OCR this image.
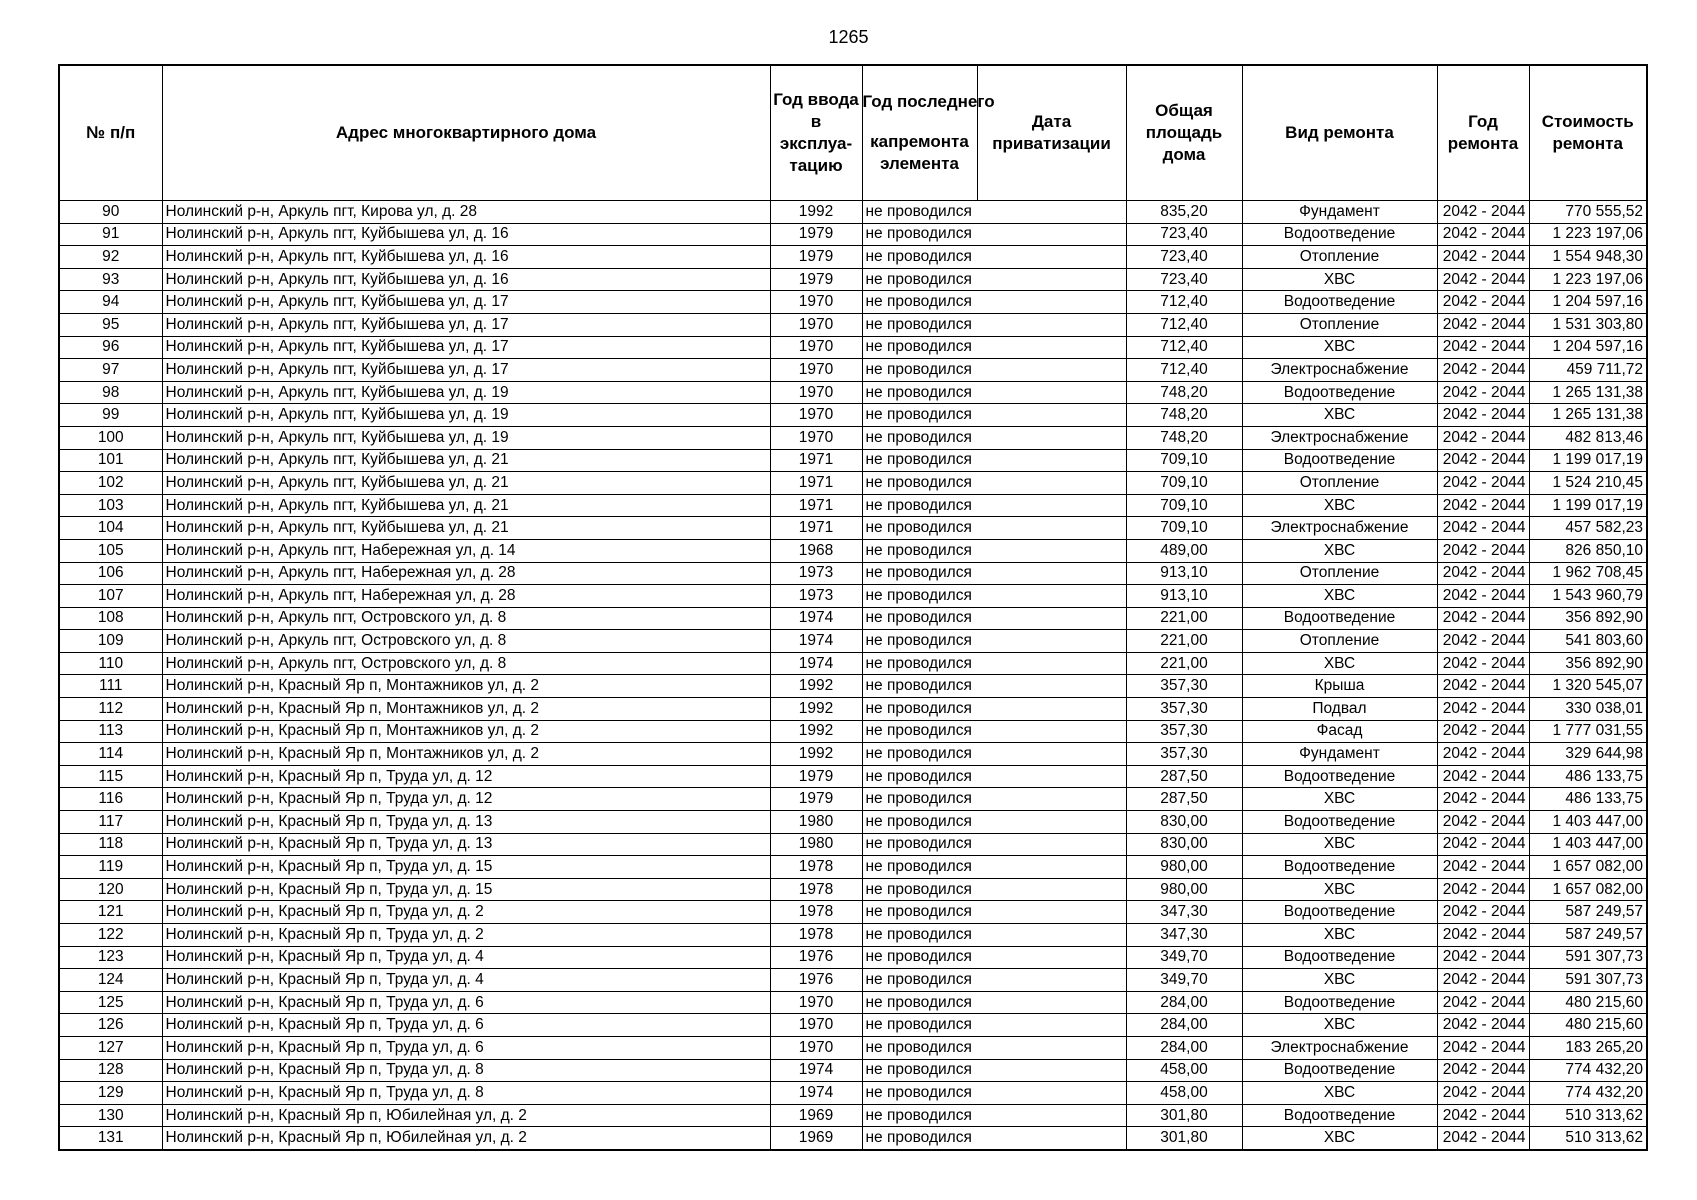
1265
№ п/п	Адрес многоквартирного дома	Год ввода в эксплуа-тацию	Год последнего
капремонта элемента	Дата приватизации	Общая площадь дома	Вид ремонта	Год ремонта	Стоимость ремонта
90	Нолинский р-н, Аркуль пгт, Кирова ул, д. 28	1992	не проводился		835,20	Фундамент	2042 - 2044	770 555,52
91	Нолинский р-н, Аркуль пгт, Куйбышева ул, д. 16	1979	не проводился		723,40	Водоотведение	2042 - 2044	1 223 197,06
92	Нолинский р-н, Аркуль пгт, Куйбышева ул, д. 16	1979	не проводился		723,40	Отопление	2042 - 2044	1 554 948,30
93	Нолинский р-н, Аркуль пгт, Куйбышева ул, д. 16	1979	не проводился		723,40	ХВС	2042 - 2044	1 223 197,06
94	Нолинский р-н, Аркуль пгт, Куйбышева ул, д. 17	1970	не проводился		712,40	Водоотведение	2042 - 2044	1 204 597,16
95	Нолинский р-н, Аркуль пгт, Куйбышева ул, д. 17	1970	не проводился		712,40	Отопление	2042 - 2044	1 531 303,80
96	Нолинский р-н, Аркуль пгт, Куйбышева ул, д. 17	1970	не проводился		712,40	ХВС	2042 - 2044	1 204 597,16
97	Нолинский р-н, Аркуль пгт, Куйбышева ул, д. 17	1970	не проводился		712,40	Электроснабжение	2042 - 2044	459 711,72
98	Нолинский р-н, Аркуль пгт, Куйбышева ул, д. 19	1970	не проводился		748,20	Водоотведение	2042 - 2044	1 265 131,38
99	Нолинский р-н, Аркуль пгт, Куйбышева ул, д. 19	1970	не проводился		748,20	ХВС	2042 - 2044	1 265 131,38
100	Нолинский р-н, Аркуль пгт, Куйбышева ул, д. 19	1970	не проводился		748,20	Электроснабжение	2042 - 2044	482 813,46
101	Нолинский р-н, Аркуль пгт, Куйбышева ул, д. 21	1971	не проводился		709,10	Водоотведение	2042 - 2044	1 199 017,19
102	Нолинский р-н, Аркуль пгт, Куйбышева ул, д. 21	1971	не проводился		709,10	Отопление	2042 - 2044	1 524 210,45
103	Нолинский р-н, Аркуль пгт, Куйбышева ул, д. 21	1971	не проводился		709,10	ХВС	2042 - 2044	1 199 017,19
104	Нолинский р-н, Аркуль пгт, Куйбышева ул, д. 21	1971	не проводился		709,10	Электроснабжение	2042 - 2044	457 582,23
105	Нолинский р-н, Аркуль пгт, Набережная ул, д. 14	1968	не проводился		489,00	ХВС	2042 - 2044	826 850,10
106	Нолинский р-н, Аркуль пгт, Набережная ул, д. 28	1973	не проводился		913,10	Отопление	2042 - 2044	1 962 708,45
107	Нолинский р-н, Аркуль пгт, Набережная ул, д. 28	1973	не проводился		913,10	ХВС	2042 - 2044	1 543 960,79
108	Нолинский р-н, Аркуль пгт, Островского ул, д. 8	1974	не проводился		221,00	Водоотведение	2042 - 2044	356 892,90
109	Нолинский р-н, Аркуль пгт, Островского ул, д. 8	1974	не проводился		221,00	Отопление	2042 - 2044	541 803,60
110	Нолинский р-н, Аркуль пгт, Островского ул, д. 8	1974	не проводился		221,00	ХВС	2042 - 2044	356 892,90
111	Нолинский р-н, Красный Яр п, Монтажников ул, д. 2	1992	не проводился		357,30	Крыша	2042 - 2044	1 320 545,07
112	Нолинский р-н, Красный Яр п, Монтажников ул, д. 2	1992	не проводился		357,30	Подвал	2042 - 2044	330 038,01
113	Нолинский р-н, Красный Яр п, Монтажников ул, д. 2	1992	не проводился		357,30	Фасад	2042 - 2044	1 777 031,55
114	Нолинский р-н, Красный Яр п, Монтажников ул, д. 2	1992	не проводился		357,30	Фундамент	2042 - 2044	329 644,98
115	Нолинский р-н, Красный Яр п, Труда ул, д. 12	1979	не проводился		287,50	Водоотведение	2042 - 2044	486 133,75
116	Нолинский р-н, Красный Яр п, Труда ул, д. 12	1979	не проводился		287,50	ХВС	2042 - 2044	486 133,75
117	Нолинский р-н, Красный Яр п, Труда ул, д. 13	1980	не проводился		830,00	Водоотведение	2042 - 2044	1 403 447,00
118	Нолинский р-н, Красный Яр п, Труда ул, д. 13	1980	не проводился		830,00	ХВС	2042 - 2044	1 403 447,00
119	Нолинский р-н, Красный Яр п, Труда ул, д. 15	1978	не проводился		980,00	Водоотведение	2042 - 2044	1 657 082,00
120	Нолинский р-н, Красный Яр п, Труда ул, д. 15	1978	не проводился		980,00	ХВС	2042 - 2044	1 657 082,00
121	Нолинский р-н, Красный Яр п, Труда ул, д. 2	1978	не проводился		347,30	Водоотведение	2042 - 2044	587 249,57
122	Нолинский р-н, Красный Яр п, Труда ул, д. 2	1978	не проводился		347,30	ХВС	2042 - 2044	587 249,57
123	Нолинский р-н, Красный Яр п, Труда ул, д. 4	1976	не проводился		349,70	Водоотведение	2042 - 2044	591 307,73
124	Нолинский р-н, Красный Яр п, Труда ул, д. 4	1976	не проводился		349,70	ХВС	2042 - 2044	591 307,73
125	Нолинский р-н, Красный Яр п, Труда ул, д. 6	1970	не проводился		284,00	Водоотведение	2042 - 2044	480 215,60
126	Нолинский р-н, Красный Яр п, Труда ул, д. 6	1970	не проводился		284,00	ХВС	2042 - 2044	480 215,60
127	Нолинский р-н, Красный Яр п, Труда ул, д. 6	1970	не проводился		284,00	Электроснабжение	2042 - 2044	183 265,20
128	Нолинский р-н, Красный Яр п, Труда ул, д. 8	1974	не проводился		458,00	Водоотведение	2042 - 2044	774 432,20
129	Нолинский р-н, Красный Яр п, Труда ул, д. 8	1974	не проводился		458,00	ХВС	2042 - 2044	774 432,20
130	Нолинский р-н, Красный Яр п, Юбилейная ул, д. 2	1969	не проводился		301,80	Водоотведение	2042 - 2044	510 313,62
131	Нолинский р-н, Красный Яр п, Юбилейная ул, д. 2	1969	не проводился		301,80	ХВС	2042 - 2044	510 313,62
